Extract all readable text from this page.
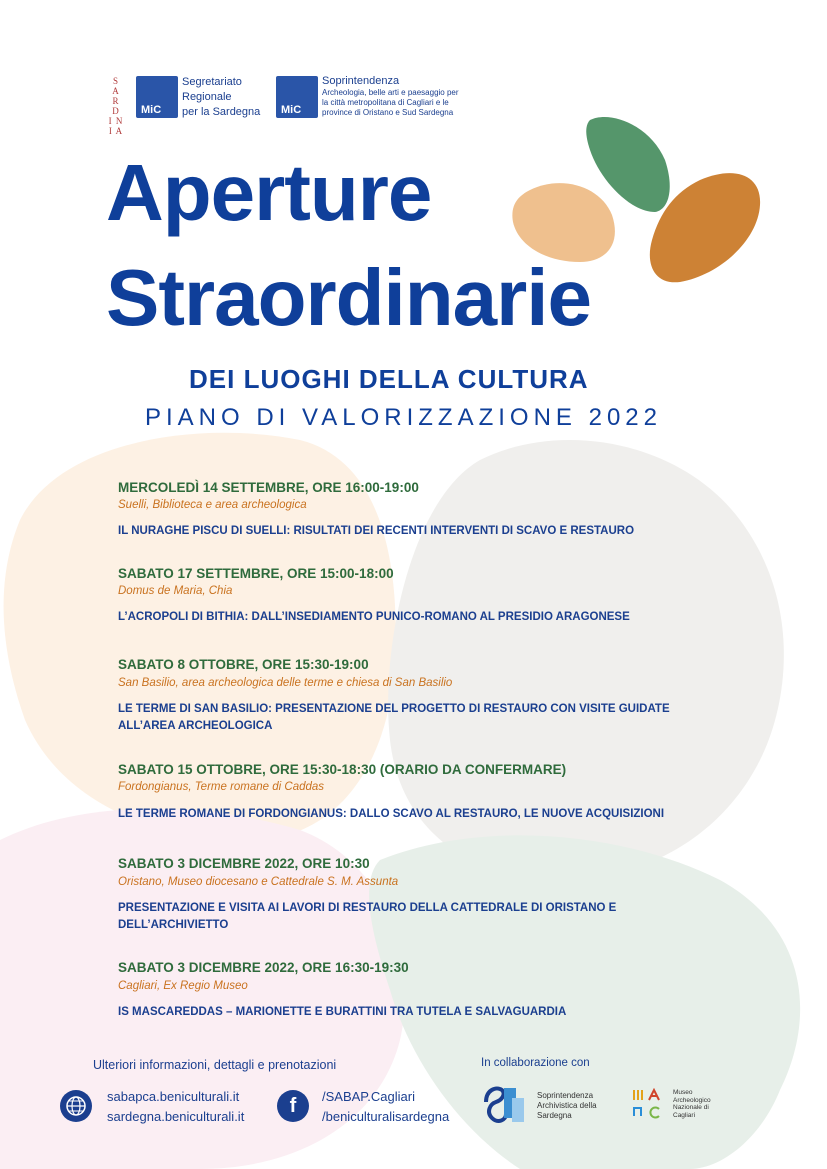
S A
R D
I N
I A
MiC
Segretariato
Regionale
per la Sardegna MiC
Soprintendenza
Archeologia, belle arti e paesaggio per
la città metropolitana di Cagliari e le
province di Oristano e Sud Sardegna
Aperture
Straordinarie
DEI LUOGHI DELLA CULTURA
PIANO DI VALORIZZAZIONE 2022
MERCOLEDÌ 14 SETTEMBRE, ORE 16:00-19:00
Suelli, Biblioteca e area archeologica
IL NURAGHE PISCU DI SUELLI: RISULTATI DEI RECENTI INTERVENTI DI SCAVO E RESTAURO
SABATO 17 SETTEMBRE, ORE 15:00-18:00
Domus de Maria, Chia
L’ACROPOLI DI BITHIA: DALL’INSEDIAMENTO PUNICO-ROMANO AL PRESIDIO ARAGONESE
SABATO 8 OTTOBRE, ORE 15:30-19:00
San Basilio, area archeologica delle terme e chiesa di San Basilio
LE TERME DI SAN BASILIO: PRESENTAZIONE DEL PROGETTO DI RESTAURO CON VISITE GUIDATE ALL’AREA ARCHEOLOGICA
SABATO 15 OTTOBRE, ORE 15:30-18:30 (ORARIO DA CONFERMARE)
Fordongianus, Terme romane di Caddas
LE TERME ROMANE DI FORDONGIANUS: DALLO SCAVO AL RESTAURO, LE NUOVE ACQUISIZIONI
SABATO 3 DICEMBRE 2022, ORE 10:30
Oristano, Museo diocesano e Cattedrale S. M. Assunta
PRESENTAZIONE E VISITA AI LAVORI DI RESTAURO DELLA CATTEDRALE DI ORISTANO E DELL’ARCHIVIETTO
SABATO 3 DICEMBRE 2022, ORE 16:30-19:30
Cagliari, Ex Regio Museo
IS MASCAREDDAS – MARIONETTE E BURATTINI TRA TUTELA E SALVAGUARDIA
Ulteriori informazioni, dettagli e prenotazioni
sabapca.beniculturali.it
sardegna.beniculturali.it	f	/SABAP.Cagliari
/beniculturalisardegna
In collaborazione con
Soprintendenza
Archivistica della
Sardegna
Museo
Archeologico
Nazionale di
Cagliari
